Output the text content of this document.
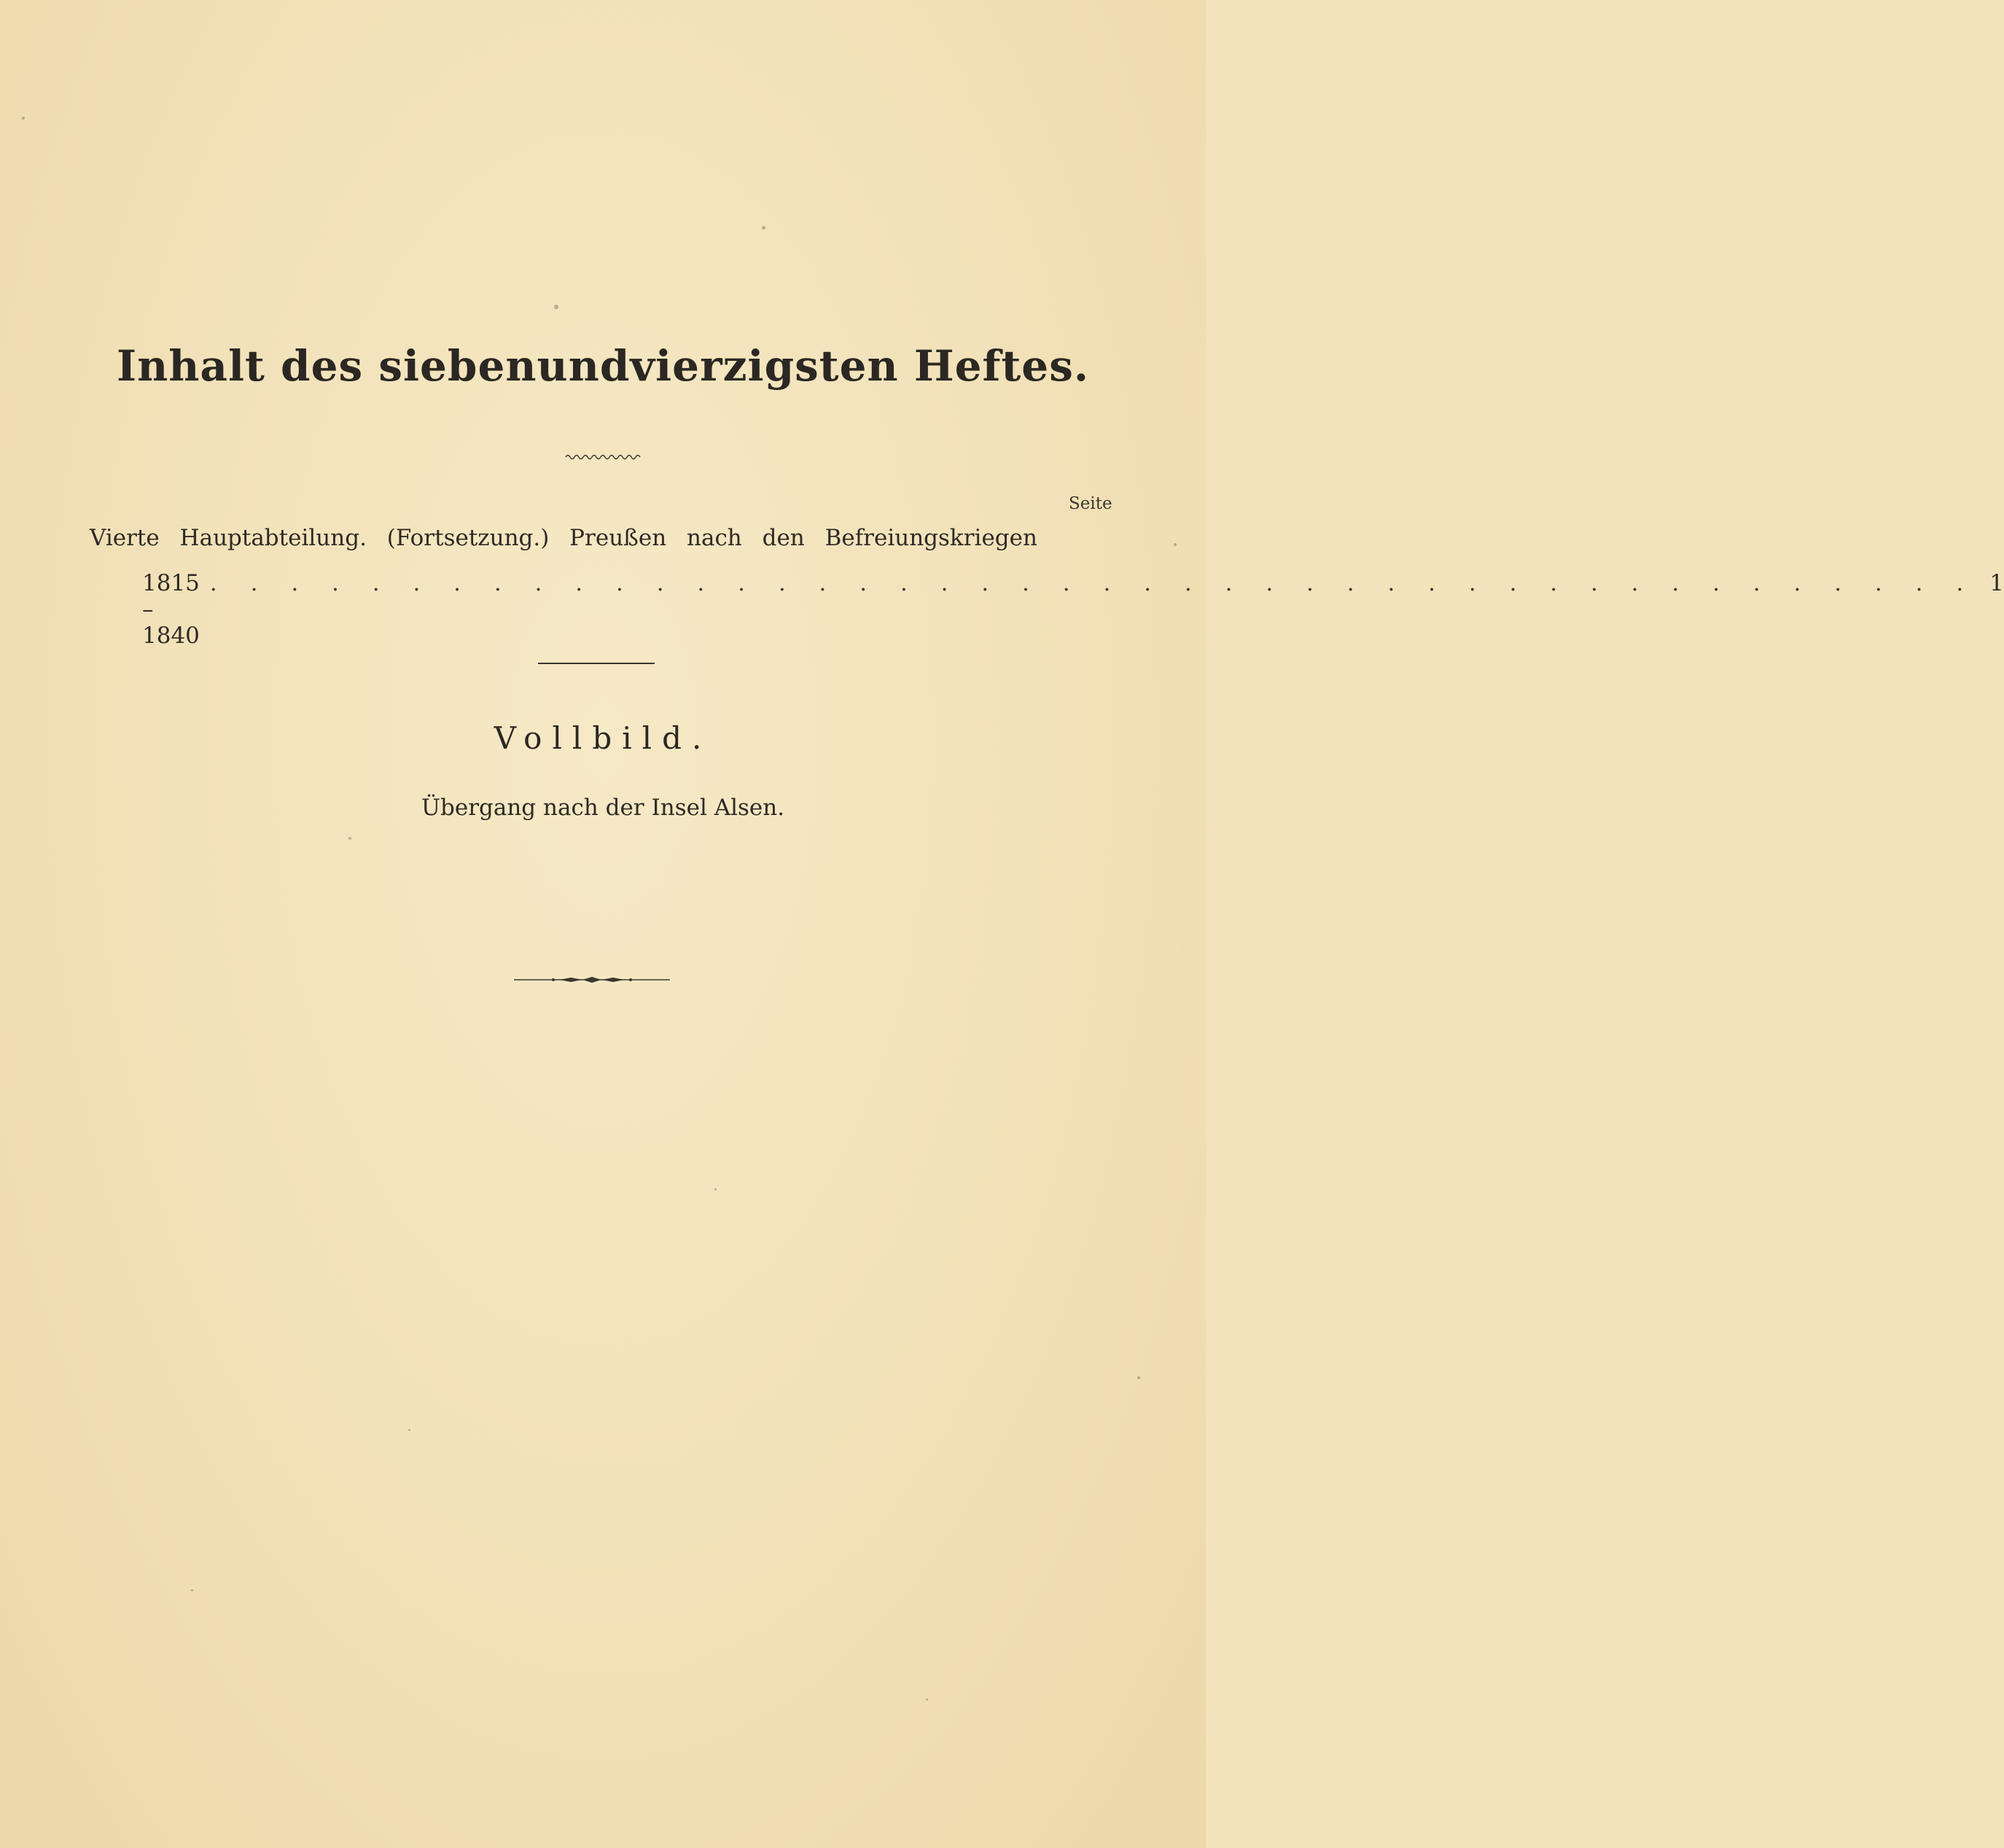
Inhalt des siebenundvierzigsten Heftes.
Seite
Vierte Hauptabteilung. (Fortsetzung.) Preußen nach den Befreiungskriegen
1815 – 1840
. . . . . . . . . . . . . . . . . . . . . . . . . . . . . . . . . . . . . . . . . . . . 1
Vollbild.
Übergang nach der Insel Alsen.
